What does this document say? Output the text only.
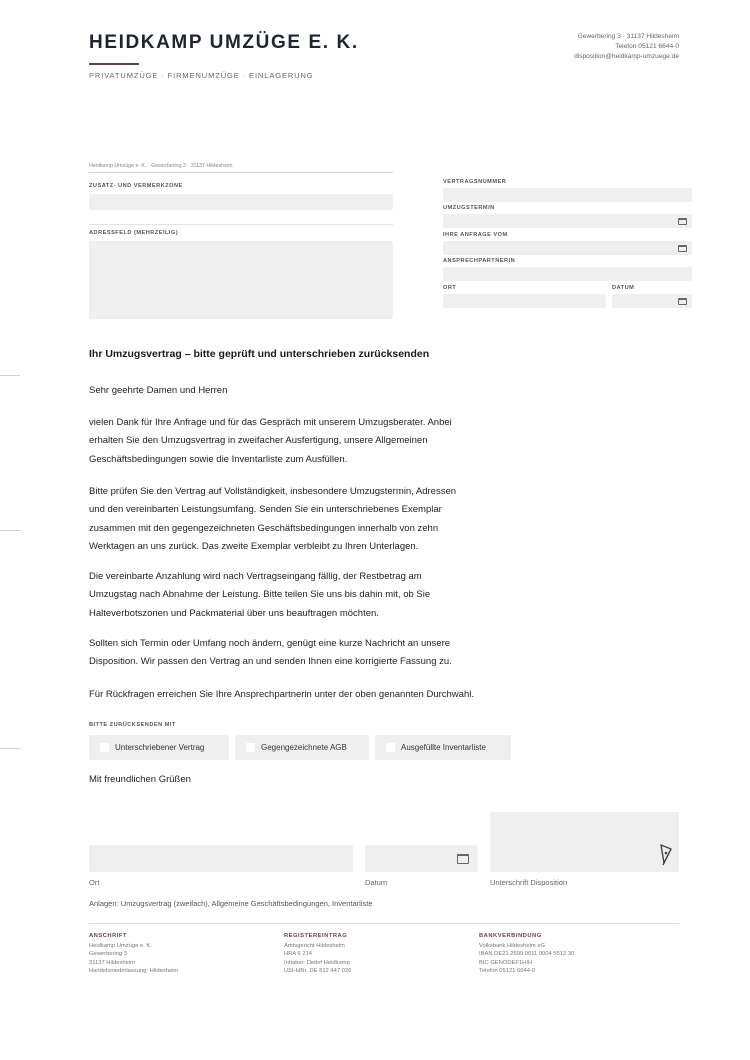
HEIDKAMP UMZÜGE E. K.
PRIVATUMZÜGE · FIRMENUMZÜGE · EINLAGERUNG
Gewerbering 3 · 31137 Hildesheim
Telefon 05121 6644-0
disposition@heidkamp-umzuege.de
Heidkamp Umzüge e. K. · Gewerbering 3 · 31137 Hildesheim
ZUSATZ- UND VERMERKZONE
ADRESSFELD (MEHRZEILIG)
VERTRAGSNUMMER
UMZUGSTERMIN
IHRE ANFRAGE VOM
ANSPRECHPARTNERIN
ORT	DATUM
Ihr Umzugsvertrag – bitte geprüft und unterschrieben zurücksenden
Sehr geehrte Damen und Herren
vielen Dank für Ihre Anfrage und für das Gespräch mit unserem Umzugsberater. Anbei
erhalten Sie den Umzugsvertrag in zweifacher Ausfertigung, unsere Allgemeinen
Geschäftsbedingungen sowie die Inventarliste zum Ausfüllen.
Bitte prüfen Sie den Vertrag auf Vollständigkeit, insbesondere Umzugstermin, Adressen
und den vereinbarten Leistungsumfang. Senden Sie ein unterschriebenes Exemplar
zusammen mit den gegengezeichneten Geschäftsbedingungen innerhalb von zehn
Werktagen an uns zurück. Das zweite Exemplar verbleibt zu Ihren Unterlagen.
Die vereinbarte Anzahlung wird nach Vertragseingang fällig, der Restbetrag am
Umzugstag nach Abnahme der Leistung. Bitte teilen Sie uns bis dahin mit, ob Sie
Halteverbotszonen und Packmaterial über uns beauftragen möchten.
Sollten sich Termin oder Umfang noch ändern, genügt eine kurze Nachricht an unsere
Disposition. Wir passen den Vertrag an und senden Ihnen eine korrigierte Fassung zu.
Für Rückfragen erreichen Sie Ihre Ansprechpartnerin unter der oben genannten Durchwahl.
BITTE ZURÜCKSENDEN MIT
Unterschriebener Vertrag	Gegengezeichnete AGB	Ausgefüllte Inventarliste
Mit freundlichen Grüßen
Ort	Datum	Unterschrift Disposition
Anlagen: Umzugsvertrag (zweifach), Allgemeine Geschäftsbedingungen, Inventarliste
ANSCHRIFT
Heidkamp Umzüge e. K.
Gewerbering 3
31137 Hildesheim
Handelsniederlassung: Hildesheim
REGISTEREINTRAG
Amtsgericht Hildesheim
HRA 6 214
Inhaber: Detlef Heidkamp
USt-IdNr. DE 812 447 026
BANKVERBINDUNG
Volksbank Hildesheim eG
IBAN DE21 2599 0011 0004 5512 30
BIC GENODEF1HIH
Telefon 05121 6644-0
